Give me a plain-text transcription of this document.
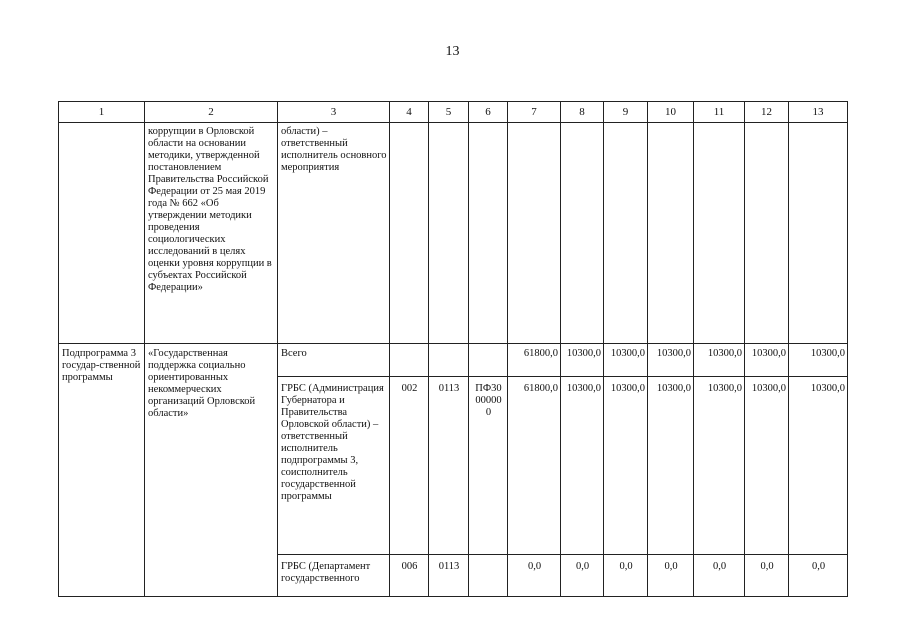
13
1	2	3	4	5	6	7	8	9	10	11	12	13
	коррупции в Орловской области на основании методики, утвержденной постановлением Правительства Российской Федерации от 25 мая 2019 года № 662 «Об утверждении методики проведения социологических исследований в целях оценки уровня коррупции в субъектах Российской Федерации»	области) – ответственный исполнитель основного мероприятия										
Подпрограмма 3 государ-ственной программы	«Государственная поддержка социально ориентированных некоммерческих организаций Орловской области»	Всего				61800,0	10300,0	10300,0	10300,0	10300,0	10300,0	10300,0
		ГРБС (Администрация Губернатора и Правительства Орловской области) – ответственный исполнитель подпрограммы 3, соисполнитель государственной программы	002	0113	ПФ30 00000 0	61800,0	10300,0	10300,0	10300,0	10300,0	10300,0	10300,0
		ГРБС (Департамент государственного	006	0113		0,0	0,0	0,0	0,0	0,0	0,0	0,0
